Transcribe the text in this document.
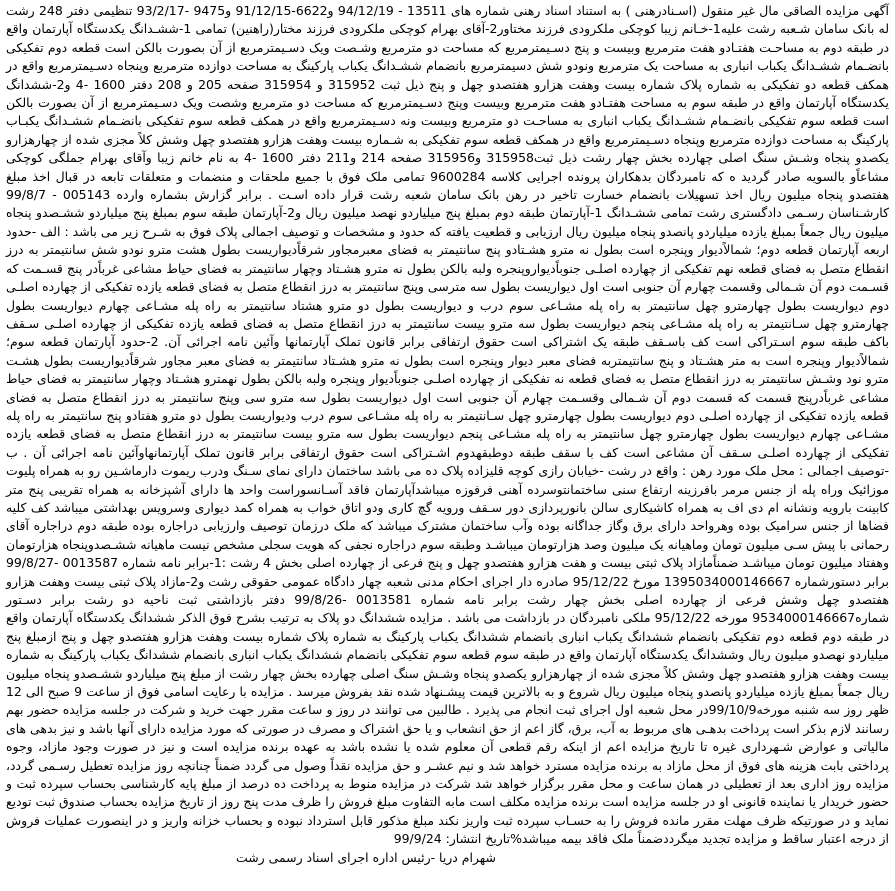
آگهی مزایده الصاقی مال غیر منقول (اسـنادرهنی ) به استناد اسناد رهنی شماره های 13511 - 94/12/19 و6622-91/12/15 و9475 -93/2/17 تنظیمی دفتر 248 رشت له بانک سامان شـعبه رشت علیه1-خـانم زیبا کوچکی ملکرودی فرزند مختاور2-آقای بهرام کوچکی ملکرودی فرزند مختار(راهنین) تمامی 1-ششـدانگ یکدستگاه آپارتمان واقع در طبقه دوم به مساحـت هفتـادو هفت مترمربع وبیست و پنج دسـیمترمربع که مساحت دو مترمربع وشـصت ویک دسـیمترمربع از آن بصورت بالکن است قطعه دوم تفکیکی بانضـمام ششـدانگ یکباب انباری به مساحت یک مترمربع ونودو شش دسیمترمربع بانضمام ششـدانگ یکباب پارکینگ به مساحت دوازده مترمربع وپنجاه دسـیمترمربع واقع در همکف قطعه دو تفکیکی به شماره پلاک شماره بیست وهفت هزارو هفتصدو چهل و پنج ذیل ثبت 315952 و 315954 صفحه 205 و 208 دفتر 1600 -4 و2-ششدانگ یکدستگاه آپارتمان واقع در طبقه سوم به مساحت هفتـادو هفت مترمربع وبیست وپنج دسـیمترمربع که مساحت دو مترمربع وشصت ویک دسـیمترمربع از آن بصورت بالکن است قطعه سوم تفکیکی بانضـمام ششـدانگ یکباب انباری به مساحـت دو مترمربع وبیست ونه دسـیمترمربع واقع در همکف قطعه سوم تفکیکی بانضـمام ششـدانگ یکبـاب پارکینگ به مساحت دوازده مترمربع وپنجاه دسـیمترمربع واقع در همکف قطعه سوم تفکیکی به شـماره بیست وهفت هزارو هفتصدو چهل وشش کلاً مجزی شده از چهارهزارو یکصدو پنجاه وشـش سنگ اصلی چهارده بخش چهار رشت ذیل ثبت315958 و315956 صفحه 214 و211 دفتر 1600 -4 به نام خانم زیبا وآقای بهرام جملگی کوچکی مشاعاًو بالسویه صادر گردید ه که نامبردگان بدهکاران پرونده اجرایی کلاسه 9600284 تمامی ملک فوق با جمیع ملحقات و منضمات و متعلقات تابعه در قبال اخذ مبلغ هفتصدو پنجاه میلیون ریال اخذ تسهیلات بانضمام خسارت تاخیر در رهن بانک سامان شعبه رشت قرار داده اسـت . برابر گزارش بشماره وارده 005143 - 99/8/7 کارشـناسان رسـمی دادگستری رشت تمامی ششـدانگ 1-آپارتمان طبقه دوم بمبلغ پنج میلیاردو نهصد میلیون ریال و2-آپارتمان طبقه سوم بمبلغ پنج میلیاردو ششـصدو پنجاه میلیون ریال جمعاً بمبلغ یازده میلیاردو پانصدو پنجاه میلیون ریال ارزیابی و قطعیت یافته که حدود و مشخصات و توصیف اجمالی پلاک فوق به شـرح زیر می باشد : الف -حدود اربعه آپارتمان قطعه دوم؛ شمالاًدیوار وپنجره است بطول نه مترو هشـتادو پنج سانتیمتر به فضای معبرمجاور شرقاًدیواریست بطول هشت مترو نودو شش سانتیمتر به درز انقطاع متصل به فضای قطعه نهم تفکیکی از چهارده اصلـی جنوباًدیواروپنجره ولبه بالکن بطول نه مترو هشـتاد وچهار سانتیمتر به فضای حیاط مشاعی غرباًدر پنج قسـمت که قسـمت دوم آن شـمالی وقسمت چهارم آن جنوبی است اول دیواریست بطول سه مترسی وپنج سانتیمتر به درز انقطاع متصل به فضای قطعه یازده تفکیکی از چهارده اصلـی دوم دیواریست بطول چهارمترو چهل سانتیمتر به راه پله مشـاعی سوم درب و دیواریست بطول دو مترو هشتاد سانتیمتر به راه پله مشـاعی چهارم دیواریست بطول چهارمترو چهل سـانتیمتر به راه پله مشـاعی پنجم دیواریست بطول سه مترو بیست سانتیمتر به درز انقطاع متصل به فضای قطعه یازده تفکیکی از چهارده اصلـی سـقف باکف طبقه سوم اسـتراکی است کف باسـقف طبقه یک اشتراکی است حقوق ارتفاقی برابر قانون تملک آپارتمانها وآئین نامه اجرائی آن. 2-حدود آپارتمان قطعه سوم؛ شمالاًدیوار وپنجره است به متر هشـتاد و پنج سانتیمتربه فضای معبر دیوار وپنجره است بطول نه مترو هشـتاد سانتیمتر به فضای معبر مجاور شرقاًدیواریست بطول هشـت مترو نود وشـش سانتیمتر به درز انقطاع متصل به فضای قطعه نه تفکیکی از چهارده اصلـی جنوباًدیوار وپنجره ولبه بالکن بطول نهمترو هشـتاد وچهار سانتیمتر به فضای حیاط مشاعی غرباًدرپنج قسمت که قسمت دوم آن شـمالی وقسـمت چهارم آن جنوبی است اول دیواریست بطول سه مترو سی وپنج سانتیمتر به درز انقطاع متصل به فضای قطعه یازده تفکیکی از چهارده اصلـی دوم دیواریست بطول چهارمترو چهل سـانتیمتر به راه پله مشـاعی سوم درب ودیواریست بطول دو مترو هفتادو پنج سانتیمتر به راه پله مشـاعی چهارم دیواریست بطول چهارمترو چهل سانتیمتر به راه پله مشـاعی پنجم دیواریست بطول سه مترو بیست سانتیمتر به درز انقطاع متصل به فضای قطعه یازده تفکیکی از چهارده اصلـی سـقف آن مشاعی است کف با سقف طبقه دوطبقهدوم اشـتراکی است حقوق ارتفاقی برابر قانون تملک آپارتمانهاوآئین نامه اجرائی آن . ب -توصیف اجمالی : محل ملک مورد رهن : واقع در رشت -خیابان رازی کوچه قلیزاده پلاک ده می باشد ساختمان دارای نمای سـنگ ودرب ریموت دارماشـین رو به همراه پلیوت موزائیک وراه پله از جنس مرمر بافرزینه ارتفاع سنی ساختمانتوسرده آهنی فرفوزه میباشدآپارتمان فاقد آسـانسوراست واحد ها دارای آشپزخانه به همراه تقریبی پنج متر کابینت بارویه ونشانه ام دی اف به همراه کاشیکاری سالن بانورپردازی دور سـقف ورویه گچ کاری ودو اتاق خواب به همراه کمد دیواری وسرویس بهداشتی میباشد کف کلیه فضاها از جنس سرامیک بوده وهرواحد دارای برق وگاز جداگانه بوده وآب ساختمان مشترک میباشد که ملک درزمان توصیف وارزیابی دراجاره بوده طبقه دوم دراجاره آقای رحمانی با پیش سـی میلیون تومان وماهیانه یک میلیون وصد هزارتومان میباشـد وطبقه سوم دراجاره نجفی که هویت سجلی مشخص نیست ماهیانه ششـصدوپنجاه هزارتومان وهفتاد میلیون تومان میباشـد ضمناًمازاد پلاک ثبتی بیست و هفت هزارو هفتصدو چهل و پنج فرعی از چهارده اصلی بخش 4 رشت :1-برابر نامه شماره 0013587 -99/8/27 برابر دستورشماره 1395034000146667 مورخ 95/12/22 صادره دار اجرای احکام مدنی شعبه چهار دادگاه عمومی حقوقی رشت و2-مازاد پلاک ثبتی بیست وهفت هزارو هفتصدو چهل وشش فرعی از چهارده اصلی بخش چهار رشت برابر نامه شماره 0013581 -99/8/26 دفتر بازداشتی ثبت ناحیه دو رشت برابر دسـتور شماره9534000146667 مورخه 95/12/22 ملکی نامبردگان در بازداشت می باشد . مزایده ششدانگ دو پلاک به ترتیب بشرح فوق الذکر ششدانگ یکدستگاه آپارتمان واقع در طبقه دوم قطعه دوم تفکیکی بانضمام ششدانگ یکباب انباری بانضمام ششدانگ یکباب پارکینگ به شماره پلاک شماره بیست وهفت هزارو هفتصدو چهل و پنج ازمبلغ پنج میلیاردو نهصدو میلیون ریال وششدانگ یکدستگاه آپارتمان واقع در طبقه سوم قطعه سوم تفکیکی بانضمام ششدانگ یکباب انباری بانضمام ششدانگ یکباب پارکینگ به شماره بیست وهفت هزارو هفتصدو چهل وشش کلاً مجزی شده از چهارهزارو یکصدو پنجاه وشـش سنگ اصلی چهارده بخش چهار رشت از مبلغ پنج میلیاردو ششـصدو پنجاه میلیون ریال جمعاً بمبلغ یازده میلیاردو پانصدو پنجاه میلیون ریال شروع و به بالاترین قیمت پیشـنهاد شده نقد بفروش میرسد . مزایده با رعایت اسامی فوق از ساعت 9 صبح الی 12 ظهر روز سه شنبه مورخه99/10/9در محل شعبه اول اجرای ثبت انجام می پذیرد . طالبین می توانند در روز و ساعت مقرر جهت خرید و شرکت در جلسه مزایده حضور بهم رسانند لازم بذکر است پرداخت بدهـی های مربوط به آب، برق، گاز اعم از حق انشعاب و یا حق اشتراک و مصرف در صورتی که مورد مزایده دارای آنها باشد و نیز بدهی های مالیاتی و عوارض شـهرداری غیره تا تاریخ مزایده اعم از اینکه رقم قطعی آن معلوم شده یا نشده باشد به عهده برنده مزایده است و نیز در صورت وجود مازاد، وجوه پرداختی بابت هزینه های فوق از محل مازاد به برنده مزایده مسترد خواهد شد و نیم عشـر و حق مزایده نقداً وصول می گردد ضمناً چنانچه روز مزایده تعطیل رسـمی گردد، مزایده روز اداری بعد از تعطیلی در همان ساعت و محل مقرر برگزار خواهد شد شرکت در مزایده منوط به پرداخت ده درصد از مبلغ پایه کارشناسی بحساب سپرده ثبت و حضور خریدار یا نماینده قانونی او در جلسه مزایده است برنده مزایده مکلف است مابه التفاوت مبلغ فروش را ظرف مدت پنج روز از تاریخ مزایده بحساب صندوق ثبت تودیع نماید و در صورتیکه ظرف مهلت مقرر مانده فروش را به حسـاب سپرده ثبت واریز نکند مبلغ مذکور قابل استرداد نبوده و بحساب خزانه واریز و در اینصورت عملیات فروش از درجه اعتبار ساقط و مزایده تجدید میگرددضمناً ملک فاقد بیمه میباشد%تاریخ انتشار: 99/9/24

شهرام دریا -رئیس اداره اجرای اسناد رسمی رشت
